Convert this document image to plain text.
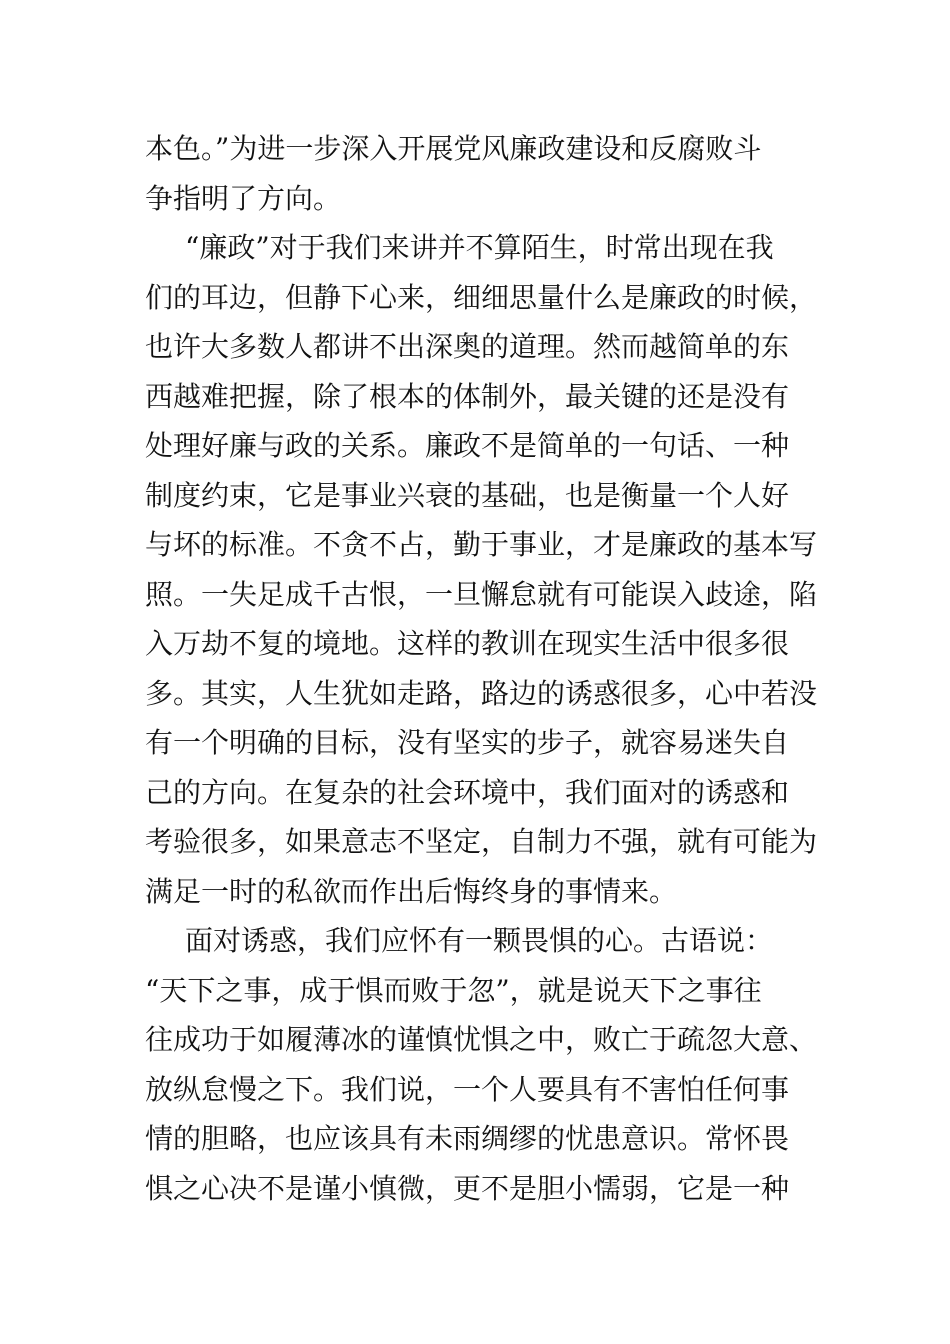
本色。”为进一步深入开展党风廉政建设和反腐败斗
争指明了方向。
“廉政”对于我们来讲并不算陌生，时常出现在我
们的耳边，但静下心来，细细思量什么是廉政的时候，
也许大多数人都讲不出深奥的道理。然而越简单的东
西越难把握，除了根本的体制外，最关键的还是没有
处理好廉与政的关系。廉政不是简单的一句话、一种
制度约束，它是事业兴衰的基础，也是衡量一个人好
与坏的标准。不贪不占，勤于事业，才是廉政的基本写
照。一失足成千古恨，一旦懈怠就有可能误入歧途，陷
入万劫不复的境地。这样的教训在现实生活中很多很
多。其实，人生犹如走路，路边的诱惑很多，心中若没
有一个明确的目标，没有坚实的步子，就容易迷失自
己的方向。在复杂的社会环境中，我们面对的诱惑和
考验很多，如果意志不坚定，自制力不强，就有可能为
满足一时的私欲而作出后悔终身的事情来。
面对诱惑，我们应怀有一颗畏惧的心。古语说：
“天下之事，成于惧而败于忽”，就是说天下之事往
往成功于如履薄冰的谨慎忧惧之中，败亡于疏忽大意、
放纵怠慢之下。我们说，一个人要具有不害怕任何事
情的胆略，也应该具有未雨绸缪的忧患意识。常怀畏
惧之心决不是谨小慎微，更不是胆小懦弱，它是一种
